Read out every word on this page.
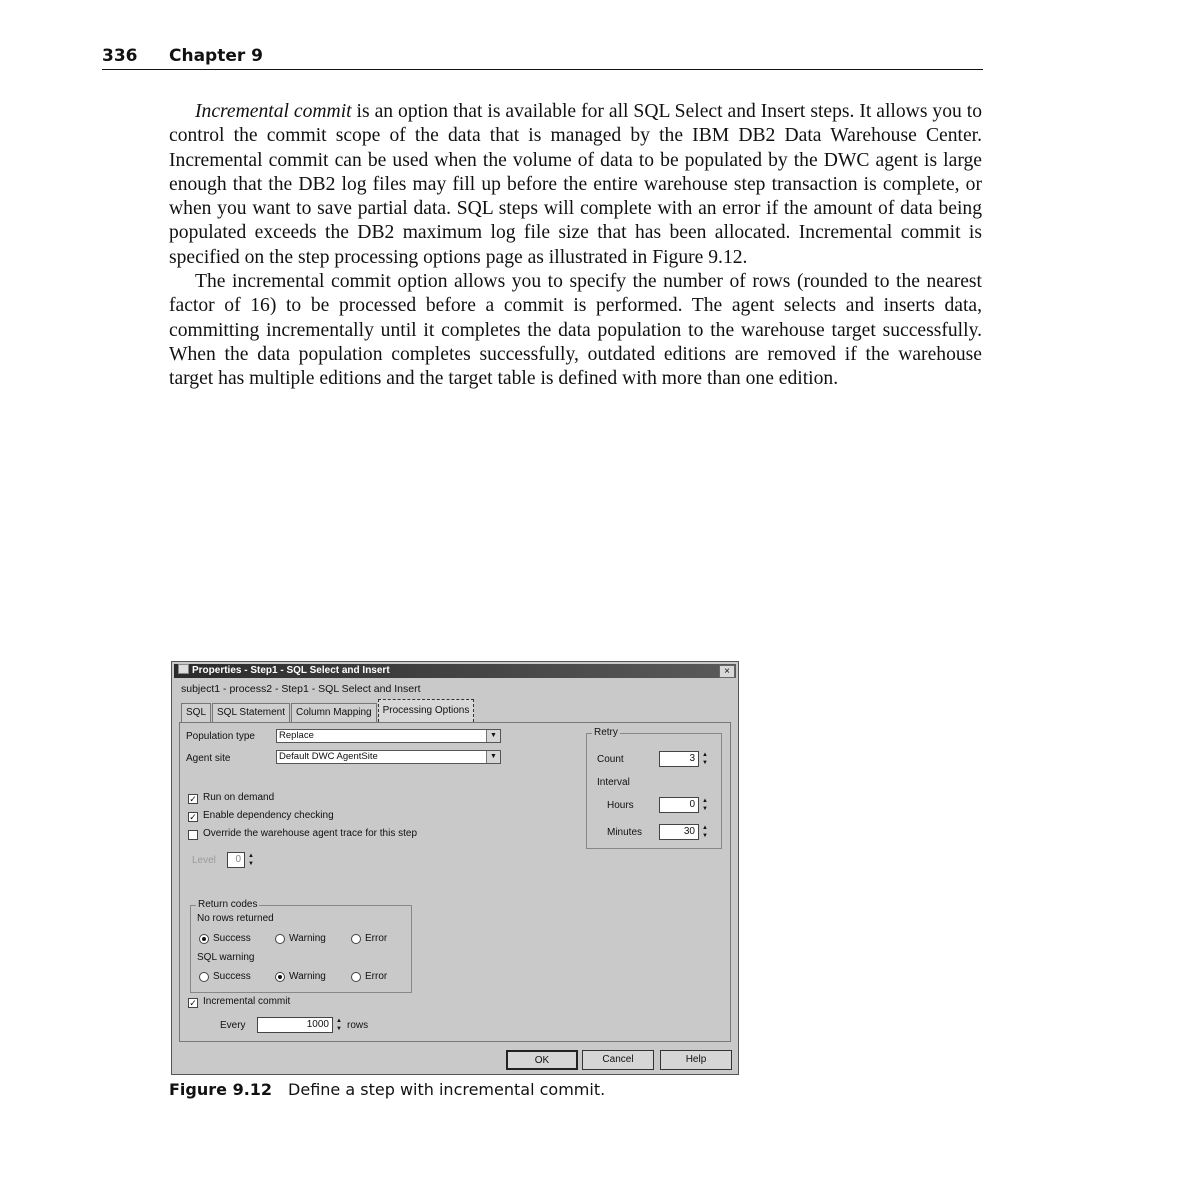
336 Chapter 9

Incremental commit is an option that is available for all SQL Select and Insert steps. It allows you to control the commit scope of the data that is managed by the IBM DB2 Data Warehouse Center. Incremental commit can be used when the volume of data to be populated by the DWC agent is large enough that the DB2 log files may fill up before the entire warehouse step transaction is complete, or when you want to save partial data. SQL steps will complete with an error if the amount of data being populated exceeds the DB2 maximum log file size that has been allocated. Incremental commit is specified on the step processing options page as illustrated in Figure 9.12.

The incremental commit option allows you to specify the number of rows (rounded to the nearest factor of 16) to be processed before a commit is performed. The agent selects and inserts data, committing incrementally until it completes the data population to the warehouse target successfully. When the data population completes successfully, outdated editions are removed if the warehouse target has multiple editions and the target table is defined with more than one edition.

Properties - Step1 - SQL Select and Insert	×
subject1 - process2 - Step1 - SQL Select and Insert
SQL	SQL Statement	Column Mapping	Processing Options
Population type	Replace	▼
Agent site	Default DWC AgentSite	▼
✓ Run on demand
✓ Enable dependency checking
Override the warehouse agent trace for this step
Level	0	▲
▼
Return codes
No rows returned
Success	Warning	Error
SQL warning
Success	Warning	Error
✓ Incremental commit
Every	1000	▲
▼ rows
Retry
Count	3	▲
▼
Interval
Hours	0	▲
▼
Minutes	30	▲
▼
OK	Cancel	Help
Figure 9.12 Define a step with incremental commit.
